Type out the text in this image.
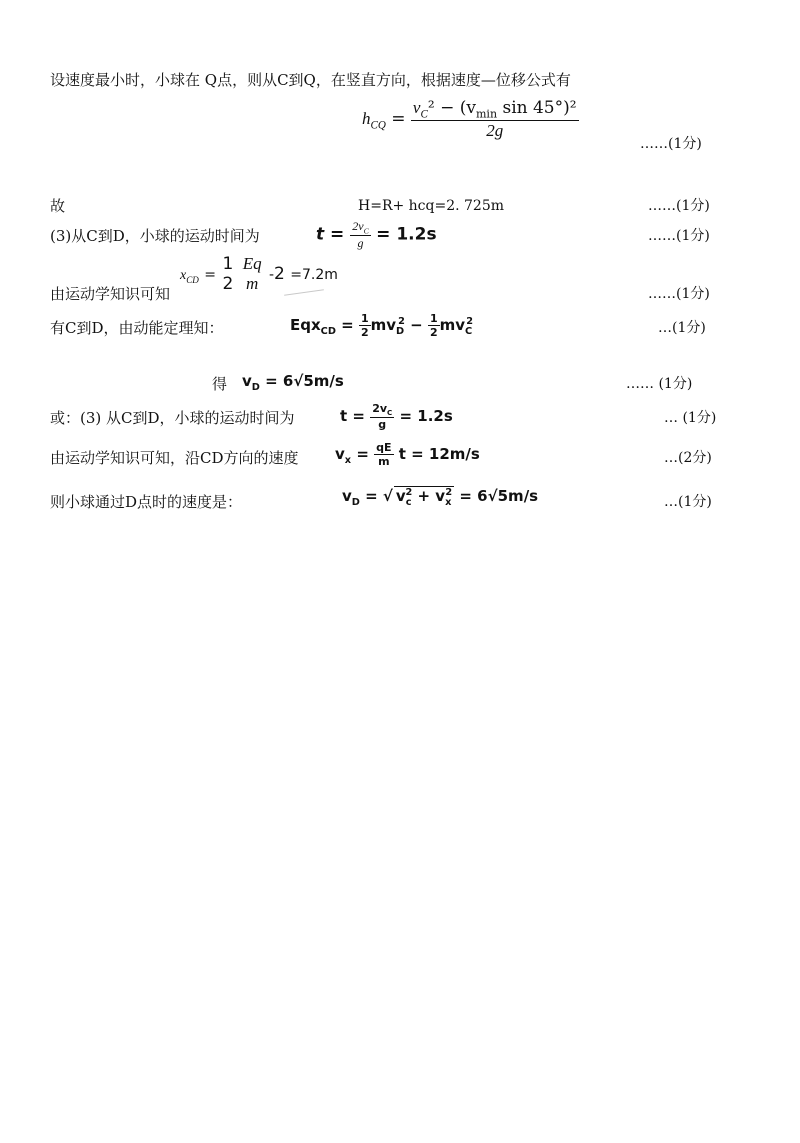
设速度最小时，小球在 Q点，则从C到Q，在竖直方向，根据速度—位移公式有
$h_{CQ} = \frac{v_C^2 - (v_{min} \sin 45^\circ)^2}{2g}$
……(1分)
故	H=R+ hcq=2. 725m	……(1分)
(3)从C到D，小球的运动时间为	$t = \frac{2v_C}{g} = 1.2s$	……(1分)
$x_{CD}$ =
1
2

Eq
m -2 =7.2m
由运动学知识可知	……(1分)
有C到D，由动能定理知：	$Eqx_{CD} = \frac{1}{2} mv_D^2 - \frac{1}{2} mv_C^2$	…(1分)
得 $v_D = 6√5m/s$	…… (1分)
或：(3) 从C到D，小球的运动时间为	$t = \frac{2v_C}{g} = 1.2s$	… (1分)
由运动学知识可知，沿CD方向的速度 $v_x = \frac{qE}{m}$ t = 12m/s	…(2分)
则小球通过D点时的速度是：	$v_D$ = √ $v_c^2 + v_x^2 = 6√5m/s$	…(1分)
